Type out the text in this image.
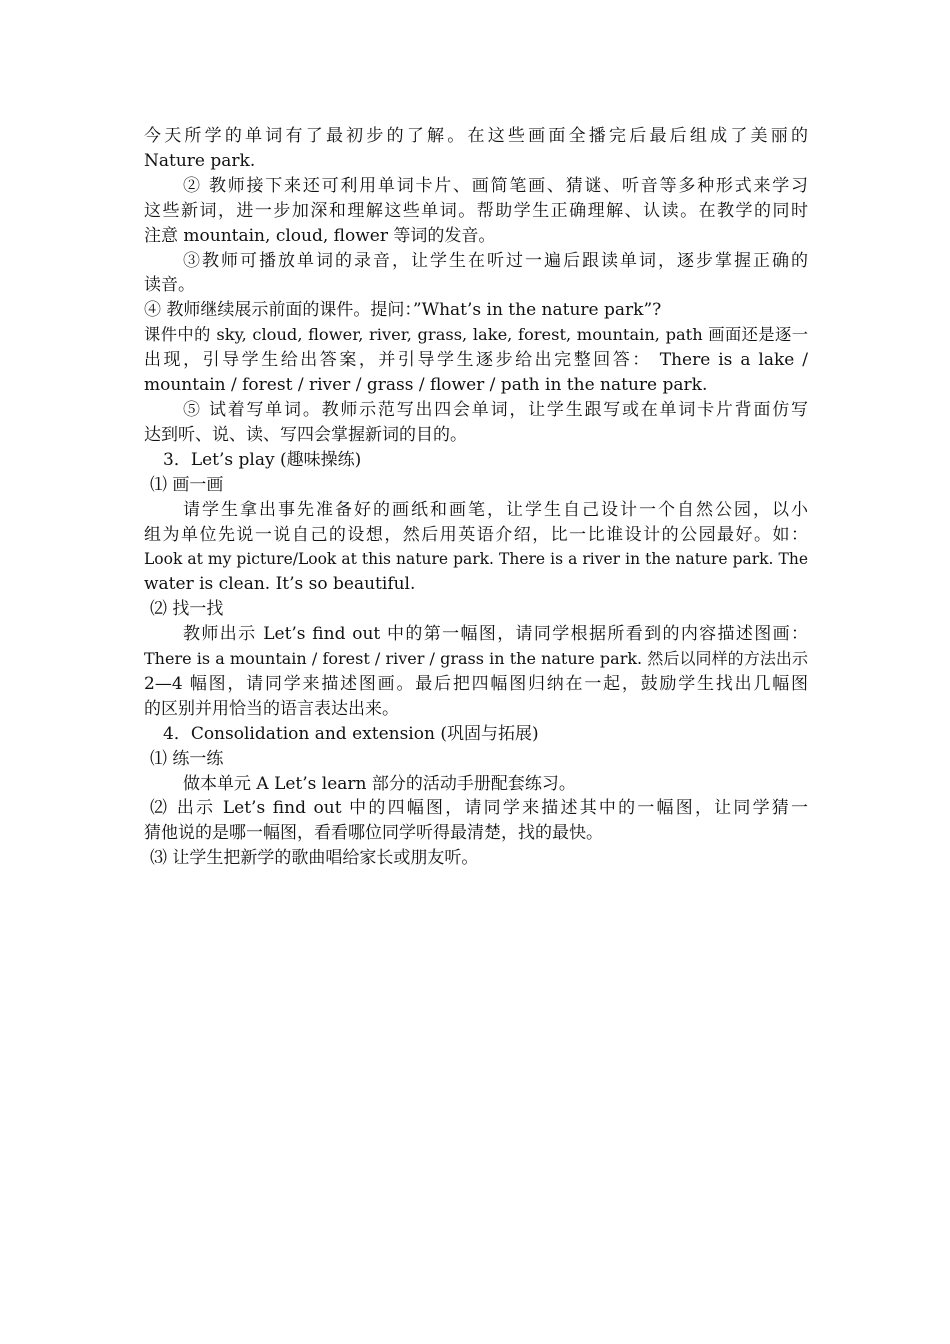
今天所学的单词有了最初步的了解。在这些画面全播完后最后组成了美丽的

Nature park.

② 教师接下来还可利用单词卡片、画简笔画、猜谜、听音等多种形式来学习

这些新词，进一步加深和理解这些单词。帮助学生正确理解、认读。在教学的同时

注意 mountain, cloud, flower 等词的发音。

③教师可播放单词的录音，让学生在听过一遍后跟读单词，逐步掌握正确的

读音。

④ 教师继续展示前面的课件。提问：”What’s in the nature park”?

课件中的 sky, cloud, flower, river, grass, lake, forest, mountain, path 画面还是逐一

出现，引导学生给出答案，并引导学生逐步给出完整回答： There is a lake /

mountain / forest / river / grass / flower / path in the nature park.

⑤ 试着写单词。教师示范写出四会单词，让学生跟写或在单词卡片背面仿写

达到听、说、读、写四会掌握新词的目的。

3．Let’s play (趣味操练)

⑴ 画一画

请学生拿出事先准备好的画纸和画笔，让学生自己设计一个自然公园，以小

组为单位先说一说自己的设想，然后用英语介绍，比一比谁设计的公园最好。如：

Look at my picture/Look at this nature park. There is a river in the nature park. The

water is clean. It’s so beautiful.

⑵ 找一找

教师出示 Let’s find out 中的第一幅图，请同学根据所看到的内容描述图画：

There is a mountain / forest / river / grass in the nature park. 然后以同样的方法出示

2—4 幅图，请同学来描述图画。最后把四幅图归纳在一起，鼓励学生找出几幅图

的区别并用恰当的语言表达出来。

4．Consolidation and extension (巩固与拓展)

⑴ 练一练

做本单元 A Let’s learn 部分的活动手册配套练习。

⑵ 出示 Let’s find out 中的四幅图，请同学来描述其中的一幅图，让同学猜一

猜他说的是哪一幅图，看看哪位同学听得最清楚，找的最快。

⑶ 让学生把新学的歌曲唱给家长或朋友听。
